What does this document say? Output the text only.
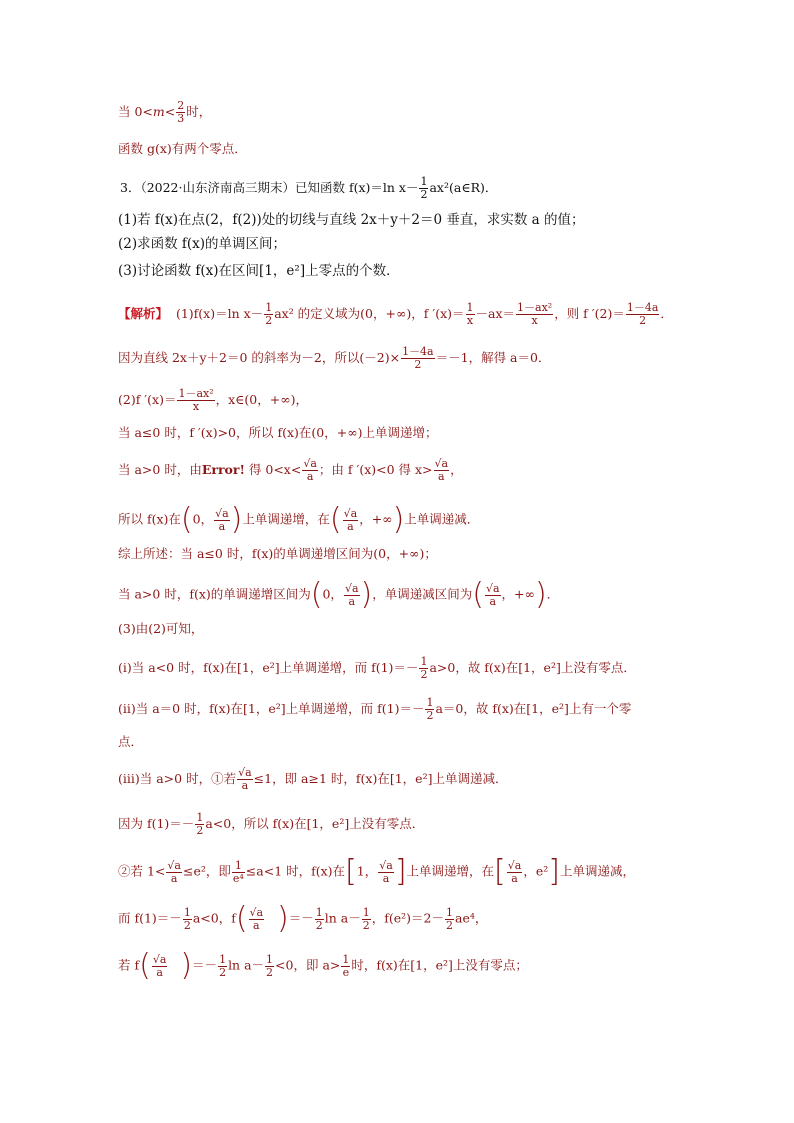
当 $0<m< \frac{2}{3}$ 时，
函数 g(x)有两个零点．
3．（2022·山东济南高三期末）已知函数 f(x)＝ln $x- \frac{1}{2}$ ax²(a∈R)．
(1)若 f(x)在点(2，f(2))处的切线与直线 2x＋y＋2＝0 垂直，求实数 a 的值；
(2)求函数 f(x)的单调区间；
(3)讨论函数 f(x)在区间[1，e²]上零点的个数．
【解析】 (1)f(x)＝ln $x- \frac{1}{2} ax^2$ 的定义域为(0，+∞)，f $'(x)= \frac{1}{x} -ax= \frac{\text{1－ax²}}{x}$ ，则 f $'(2)= \frac{1-4a}{2}$ ．
因为直线 2x＋y＋2＝0 的斜率为－2，所以$(-2)\times \frac{1-4a}{2} =-1$，解得 a＝0．
(2)f $'(x)= \frac{\text{1－ax²}}{x}$ ，x∈(0，+∞)，
当 a≤0 时，f ′(x)>0，所以 f(x)在(0，+∞)上单调递增；
当 a>0 时，由Error! 得 $0<x< \frac{√a}{a}$ ；由 f ′(x)<0 得 $x> \frac{√a}{a}$ ，
所以 f(x)在(0， $\frac{√a}{a}$ )上单调递增，在( $\frac{√a}{a}$ ，+∞)上单调递减．
综上所述：当 a≤0 时，f(x)的单调递增区间为(0，+∞)；
当 a>0 时，f(x)的单调递增区间为(0， $\frac{√a}{a}$ )，单调递减区间为( $\frac{√a}{a}$ ，+∞)．
(3)由(2)可知，
(ⅰ)当 a<0 时，f(x)在[1，e²]上单调递增，而 $f(1)=- \frac{1}{2} a>0$，故 f(x)在[1，e²]上没有零点．
(ⅱ)当 a＝0 时，f(x)在[1，e²]上单调递增，而 $f(1)=- \frac{1}{2} a=0$，故 f(x)在[1，e²]上有一个零
点．
(ⅲ)当 a>0 时，①若 $\frac{√a}{a} \le 1$，即 a≥1 时，f(x)在[1，e²]上单调递减．
因为 $f(1)=- \frac{1}{2} a<0$，所以 f(x)在[1，e²]上没有零点．
②若 $1< \frac{√a}{a} \le e^2$，即 $\frac{1}{\text{e⁴}} \le a<1$ 时，f(x)在[1， $\frac{√a}{a}$ ]上单调递增，在[ $\frac{√a}{a}$ ，e²]上单调递减，
而 $f(1)=- \frac{1}{2} a<0$，$f( \frac{√a}{a}$ )＝－ $\frac{1}{2}$ $\ln a- \frac{1}{2}$ ，$f(e^2)=2- \frac{1}{2} ae^4$，
若 $f( \frac{√a}{a}$ )＝－ $\frac{1}{2}$ $\ln a- \frac{1}{2} <0$，即 $a> \frac{1}{e}$ 时，f(x)在[1，e²]上没有零点；
